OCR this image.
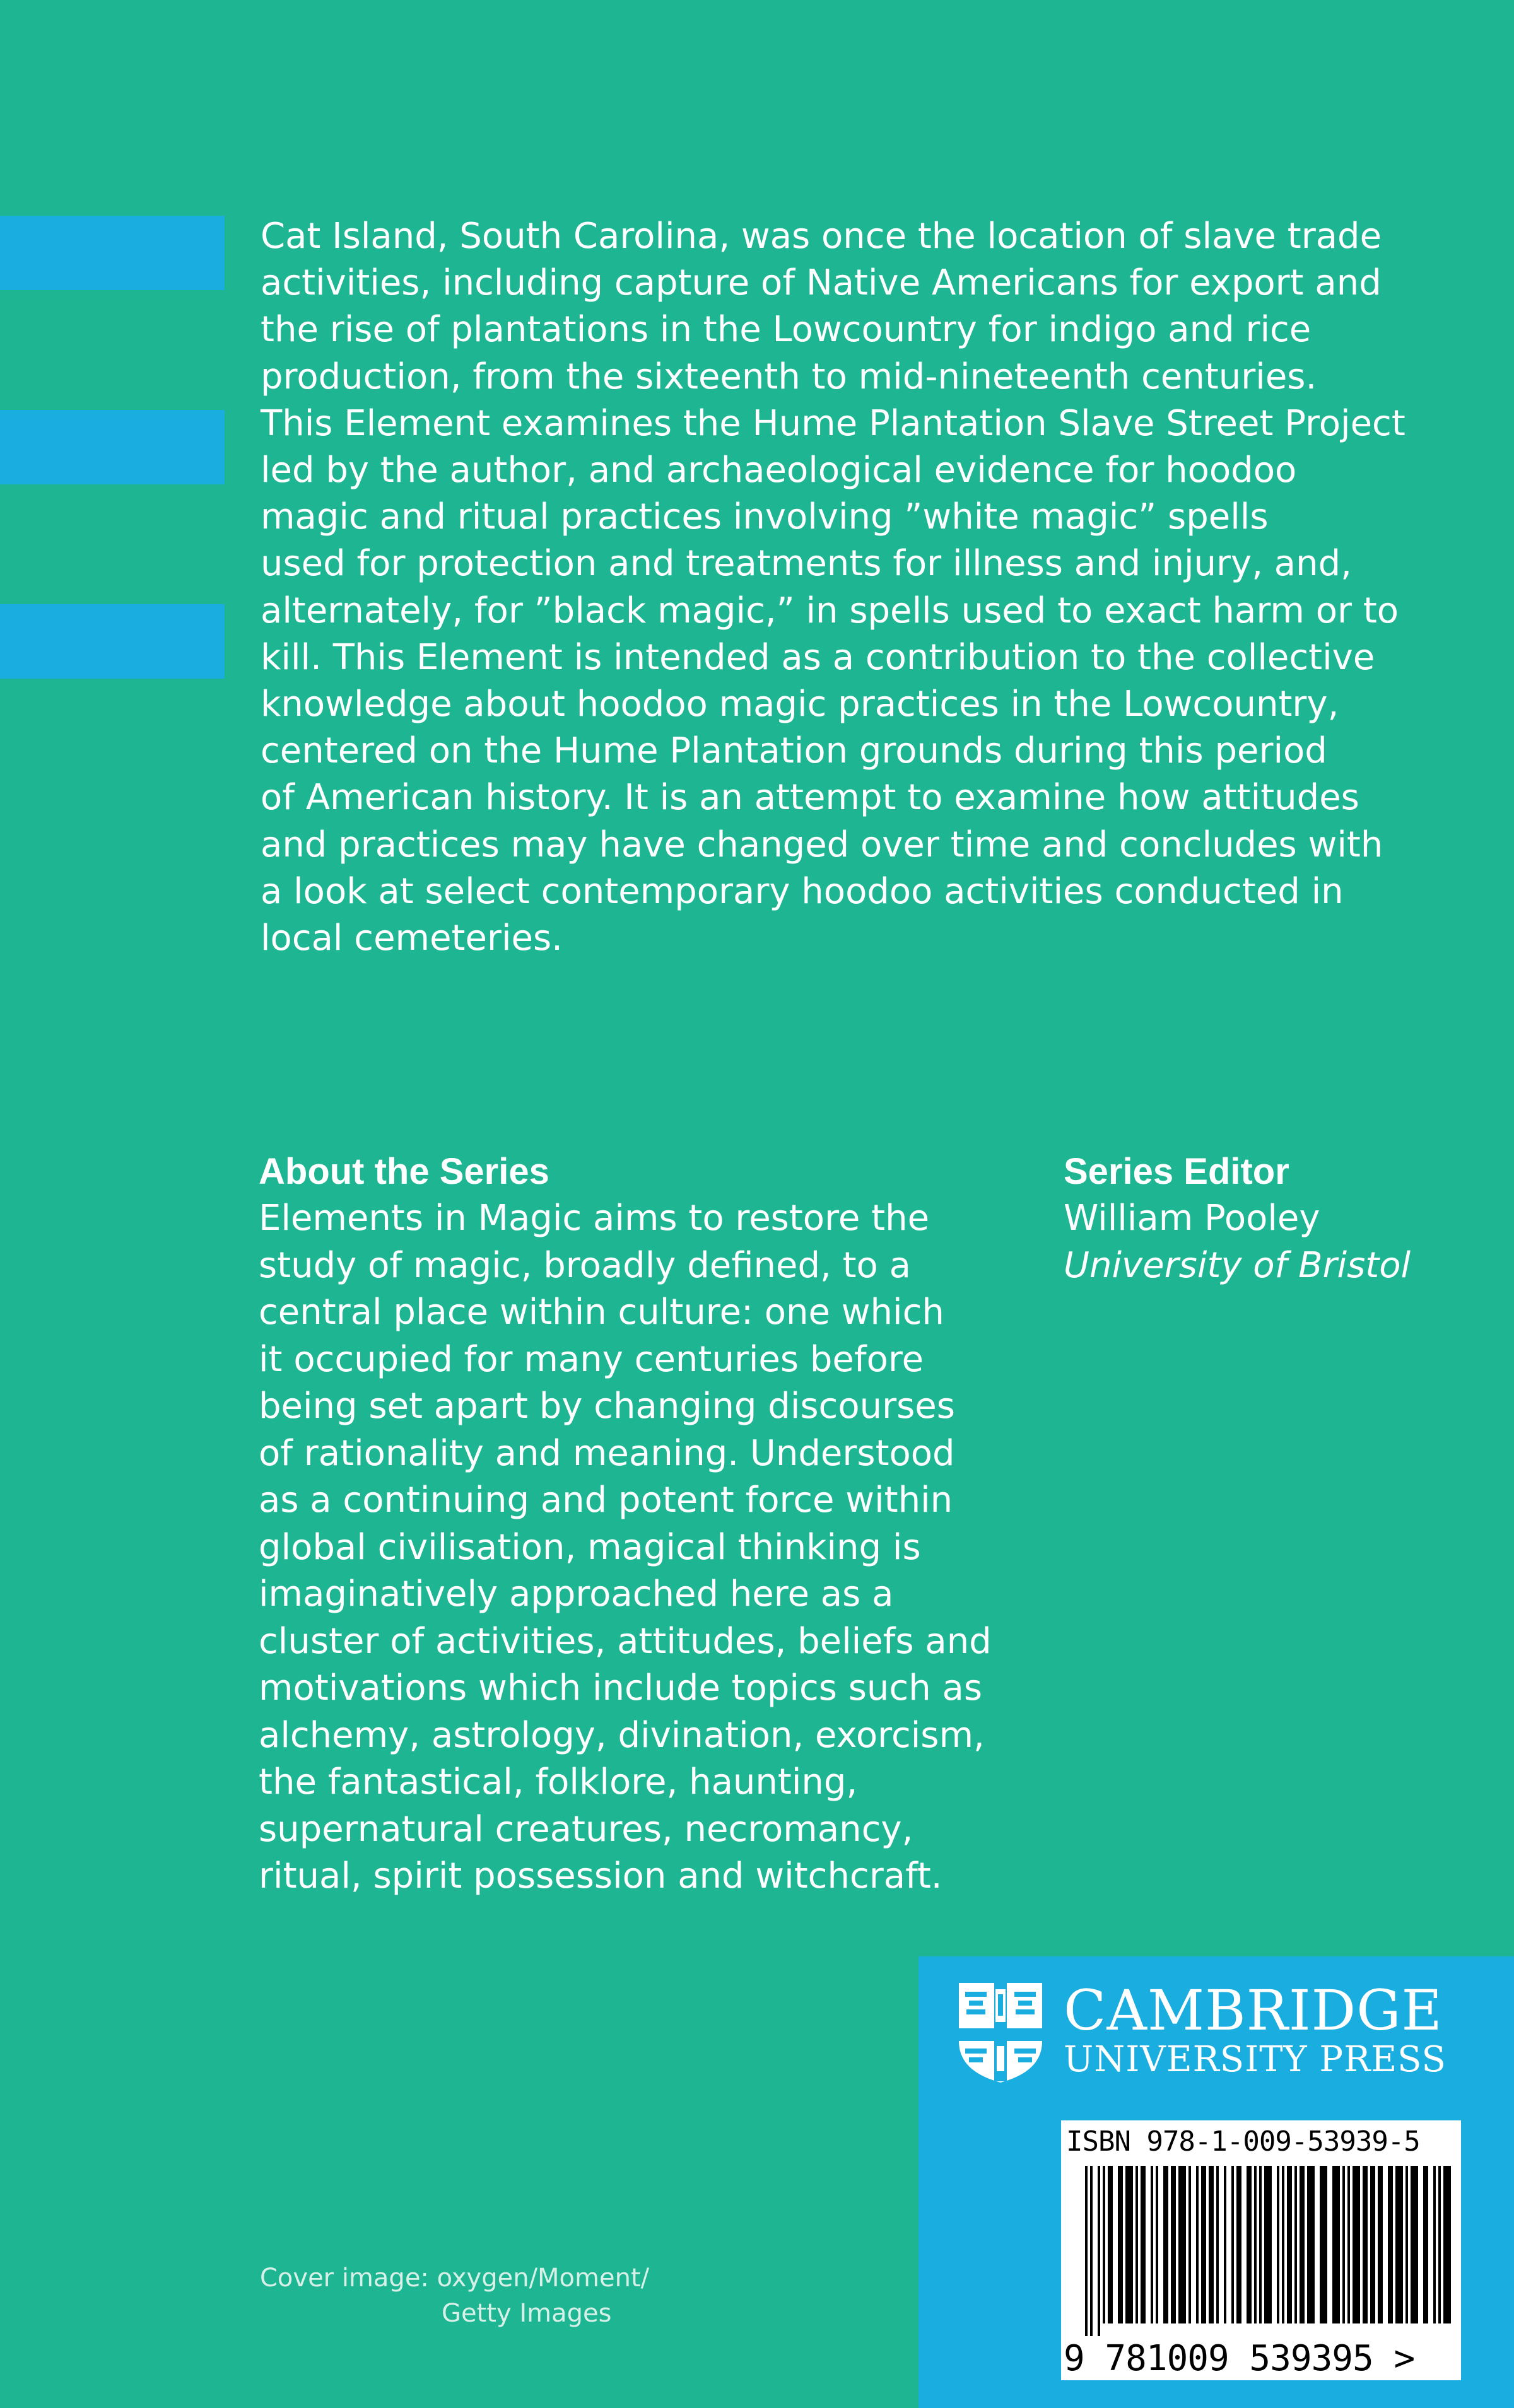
Cat Island, South Carolina, was once the location of slave trade
activities, including capture of Native Americans for export and
the rise of plantations in the Lowcountry for indigo and rice
production, from the sixteenth to mid-nineteenth centuries.
This Element examines the Hume Plantation Slave Street Project
led by the author, and archaeological evidence for hoodoo
magic and ritual practices involving ”white magic” spells
used for protection and treatments for illness and injury, and,
alternately, for ”black magic,” in spells used to exact harm or to
kill. This Element is intended as a contribution to the collective
knowledge about hoodoo magic practices in the Lowcountry,
centered on the Hume Plantation grounds during this period
of American history. It is an attempt to examine how attitudes
and practices may have changed over time and concludes with
a look at select contemporary hoodoo activities conducted in
local cemeteries.

About the Series
Elements in Magic aims to restore the
study of magic, broadly defined, to a
central place within culture: one which
it occupied for many centuries before
being set apart by changing discourses
of rationality and meaning. Understood
as a continuing and potent force within
global civilisation, magical thinking is
imaginatively approached here as a
cluster of activities, attitudes, beliefs and
motivations which include topics such as
alchemy, astrology, divination, exorcism,
the fantastical, folklore, haunting,
supernatural creatures, necromancy,
ritual, spirit possession and witchcraft.
Series Editor
William Pooley
University of Bristol
Cover image: oxygen/Moment/
Getty Images
CAMBRIDGE
UNIVERSITY PRESS
ISBN 978-1-009-53939-5
9 781009 539395 >
